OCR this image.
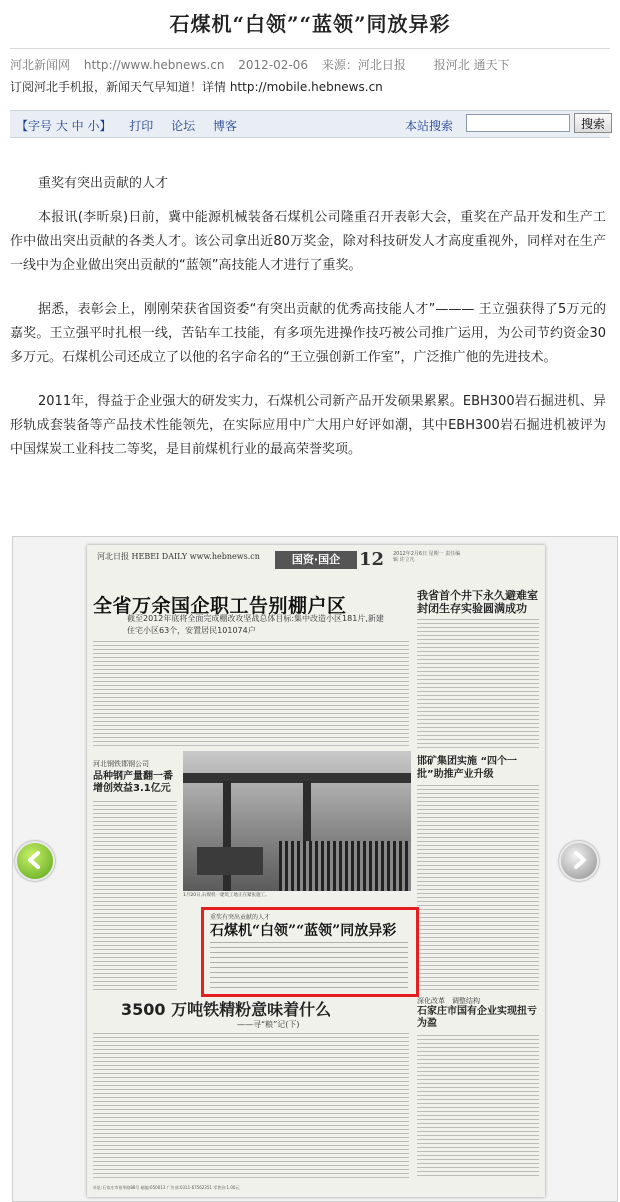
石煤机“白领”“蓝领”同放异彩
河北新闻网 http://www.hebnews.cn 2012-02-06 来源：河北日报 报河北 通天下
订阅河北手机报，新闻天气早知道！详情 http://mobile.hebnews.cn
【字号 大 中 小】 打印 论坛 博客	本站搜索	搜索

重奖有突出贡献的人才

本报讯(李昕泉)日前，冀中能源机械装备石煤机公司隆重召开表彰大会，重奖在产品开发和生产工作中做出突出贡献的各类人才。该公司拿出近80万奖金，除对科技研发人才高度重视外，同样对在生产一线中为企业做出突出贡献的“蓝领”高技能人才进行了重奖。

据悉，表彰会上，刚刚荣获省国资委“有突出贡献的优秀高技能人才”——— 王立强获得了5万元的嘉奖。王立强平时扎根一线，苦钻车工技能，有多项先进操作技巧被公司推广运用，为公司节约资金30多万元。石煤机公司还成立了以他的名字命名的“王立强创新工作室”，广泛推广他的先进技术。

2011年，得益于企业强大的研发实力，石煤机公司新产品开发硕果累累。EBH300岩石掘进机、异形轨成套装备等产品技术性能领先，在实际应用中广大用户好评如潮，其中EBH300岩石掘进机被评为中国煤炭工业科技二等奖，是目前煤机行业的最高荣誉奖项。

河北日报 HEBEI DAILY www.hebnews.cn	国资·国企	12 2012年2月6日 星期一 责任编辑 许立凡
全省万余国企职工告别棚户区
截至2012年底将全面完成棚改攻坚战总体目标:集中改造小区181片,新建
住宅小区63个，安置居民101074户
我省首个井下永久避难室封闭生存实验圆满成功
河北钢铁邯钢公司
品种钢产量翻一番 增创效益3.1亿元
1月20日,石煤机一建筑工地正在紧张施工。
邯矿集团实施 “四个一批”助推产业升级
重奖有突出贡献的人才
石煤机“白领”“蓝领”同放异彩
3500 万吨铁精粉意味着什么
——寻“粮”记(下)
深化改革　调整结构
石家庄市国有企业实现扭亏为盈
社址:石家庄市裕华路88号 邮编:050013 广告部:0311-67562351 零售价:1.00元
